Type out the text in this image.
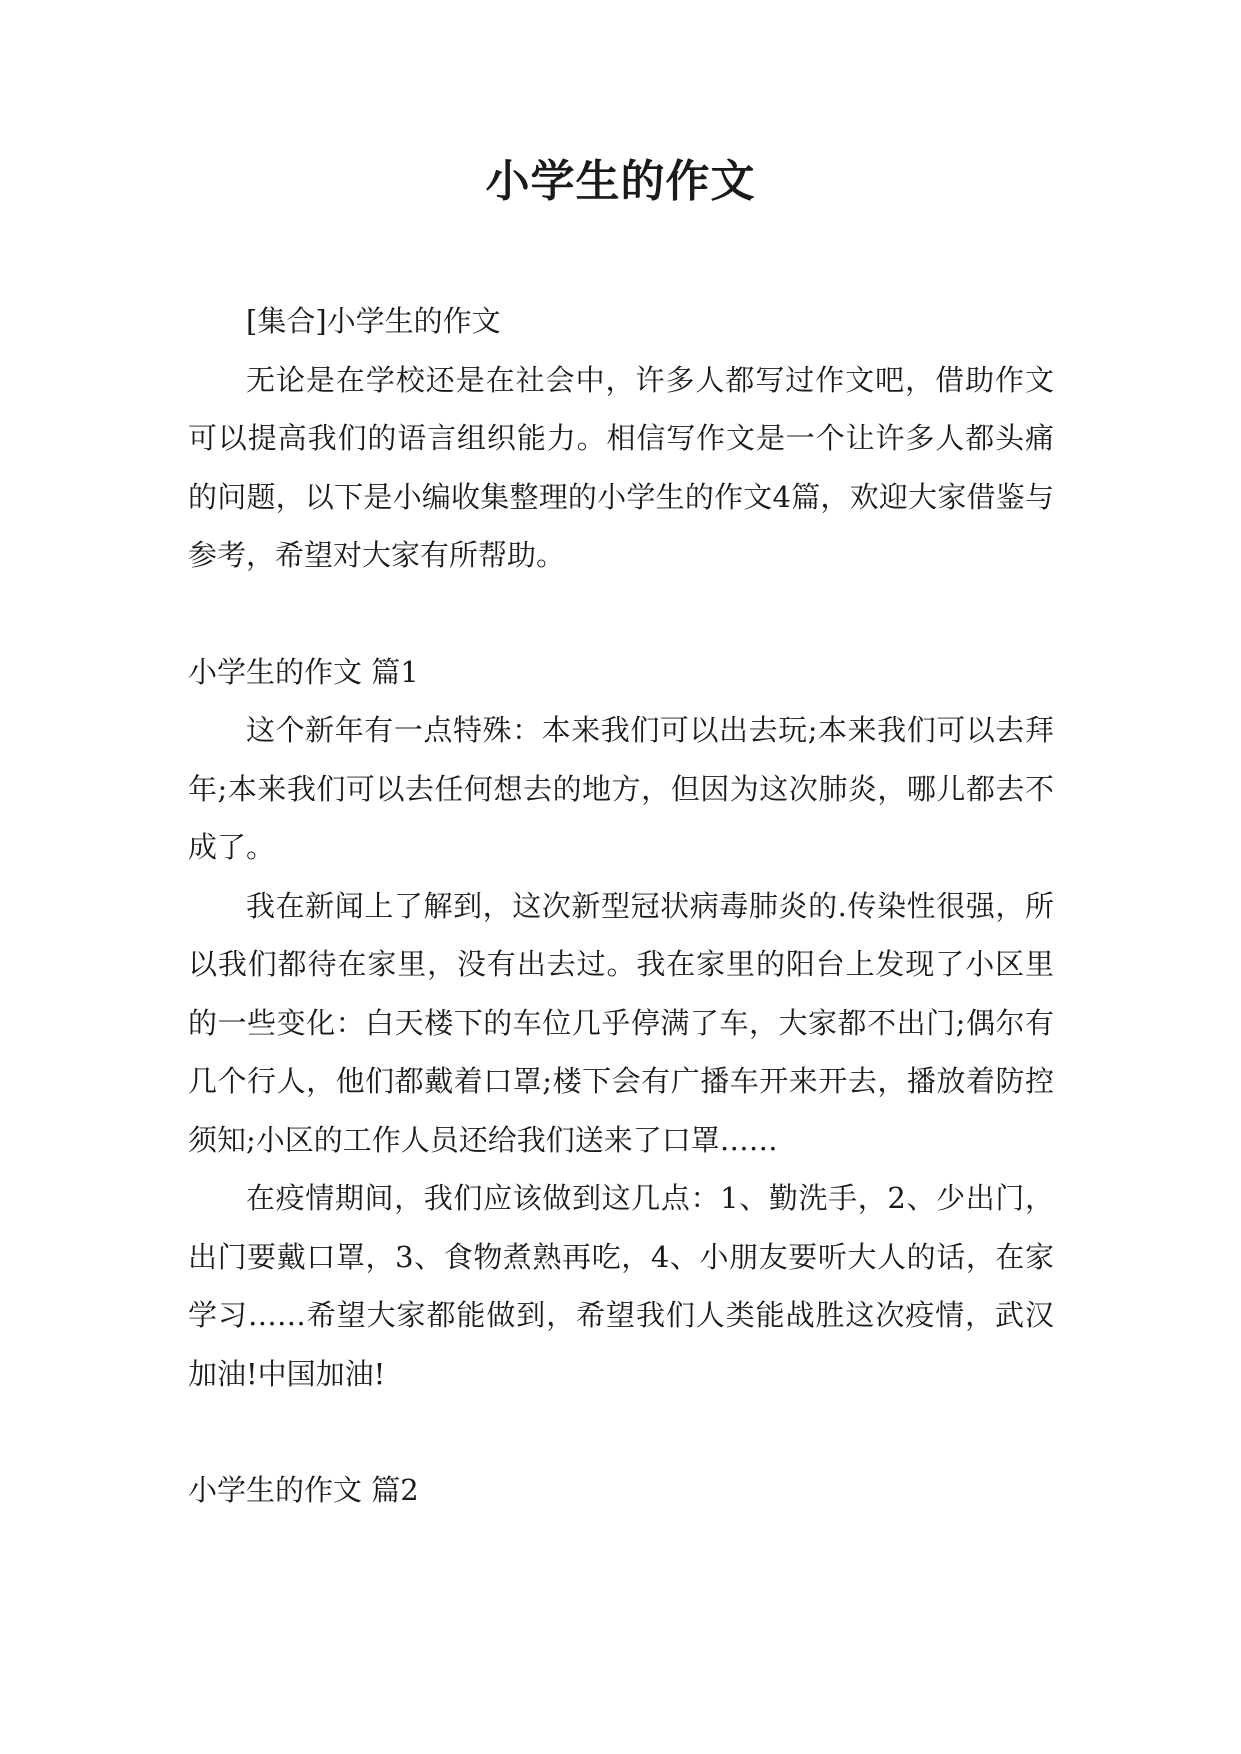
小学生的作文

[集合]小学生的作文

无论是在学校还是在社会中，许多人都写过作文吧，借助作文可以提高我们的语言组织能力。相信写作文是一个让许多人都头痛的问题，以下是小编收集整理的小学生的作文4篇，欢迎大家借鉴与参考，希望对大家有所帮助。

小学生的作文 篇1

这个新年有一点特殊：本来我们可以出去玩;本来我们可以去拜年;本来我们可以去任何想去的地方，但因为这次肺炎，哪儿都去不成了。

我在新闻上了解到，这次新型冠状病毒肺炎的.传染性很强，所以我们都待在家里，没有出去过。我在家里的阳台上发现了小区里的一些变化：白天楼下的车位几乎停满了车，大家都不出门;偶尔有几个行人，他们都戴着口罩;楼下会有广播车开来开去，播放着防控须知;小区的工作人员还给我们送来了口罩……

在疫情期间，我们应该做到这几点：1、勤洗手，2、少出门，出门要戴口罩，3、食物煮熟再吃，4、小朋友要听大人的话，在家学习……希望大家都能做到，希望我们人类能战胜这次疫情，武汉加油!中国加油!

小学生的作文 篇2
